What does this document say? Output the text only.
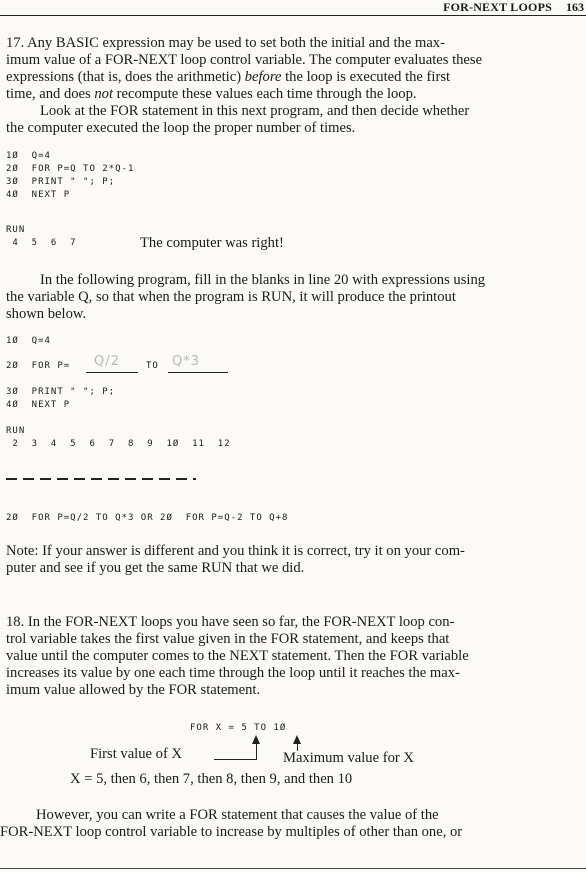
FOR-NEXT LOOPS 163

17. Any BASIC expression may be used to set both the initial and the max-
imum value of a FOR-NEXT loop control variable. The computer evaluates these
expressions (that is, does the arithmetic) before the loop is executed the first
time, and does not recompute these values each time through the loop.

Look at the FOR statement in this next program, and then decide whether
the computer executed the loop the proper number of times.

1Ø  Q=4
2Ø  FOR P=Q TO 2*Q-1
3Ø  PRINT " "; P;
4Ø  NEXT P
RUN
4  5  6  7	The computer was right!

In the following program, fill in the blanks in line 20 with expressions using
the variable Q, so that when the program is RUN, it will produce the printout
shown below.

1Ø  Q=4
2Ø  FOR P= Q/2	TO Q*3
3Ø  PRINT " "; P;
4Ø  NEXT P
RUN
2  3  4  5  6  7  8  9  1Ø  11  12
2Ø  FOR P=Q/2 TO Q*3 OR 2Ø  FOR P=Q-2 TO Q+8

Note: If your answer is different and you think it is correct, try it on your com-
puter and see if you get the same RUN that we did.

18. In the FOR-NEXT loops you have seen so far, the FOR-NEXT loop con-
trol variable takes the first value given in the FOR statement, and keeps that
value until the computer comes to the NEXT statement. Then the FOR variable
increases its value by one each time through the loop until it reaches the max-
imum value allowed by the FOR statement.

FOR X = 5 TO 1Ø
First value of X	Maximum value for X
X = 5, then 6, then 7, then 8, then 9, and then 10

However, you can write a FOR statement that causes the value of the
FOR-NEXT loop control variable to increase by multiples of other than one, or
